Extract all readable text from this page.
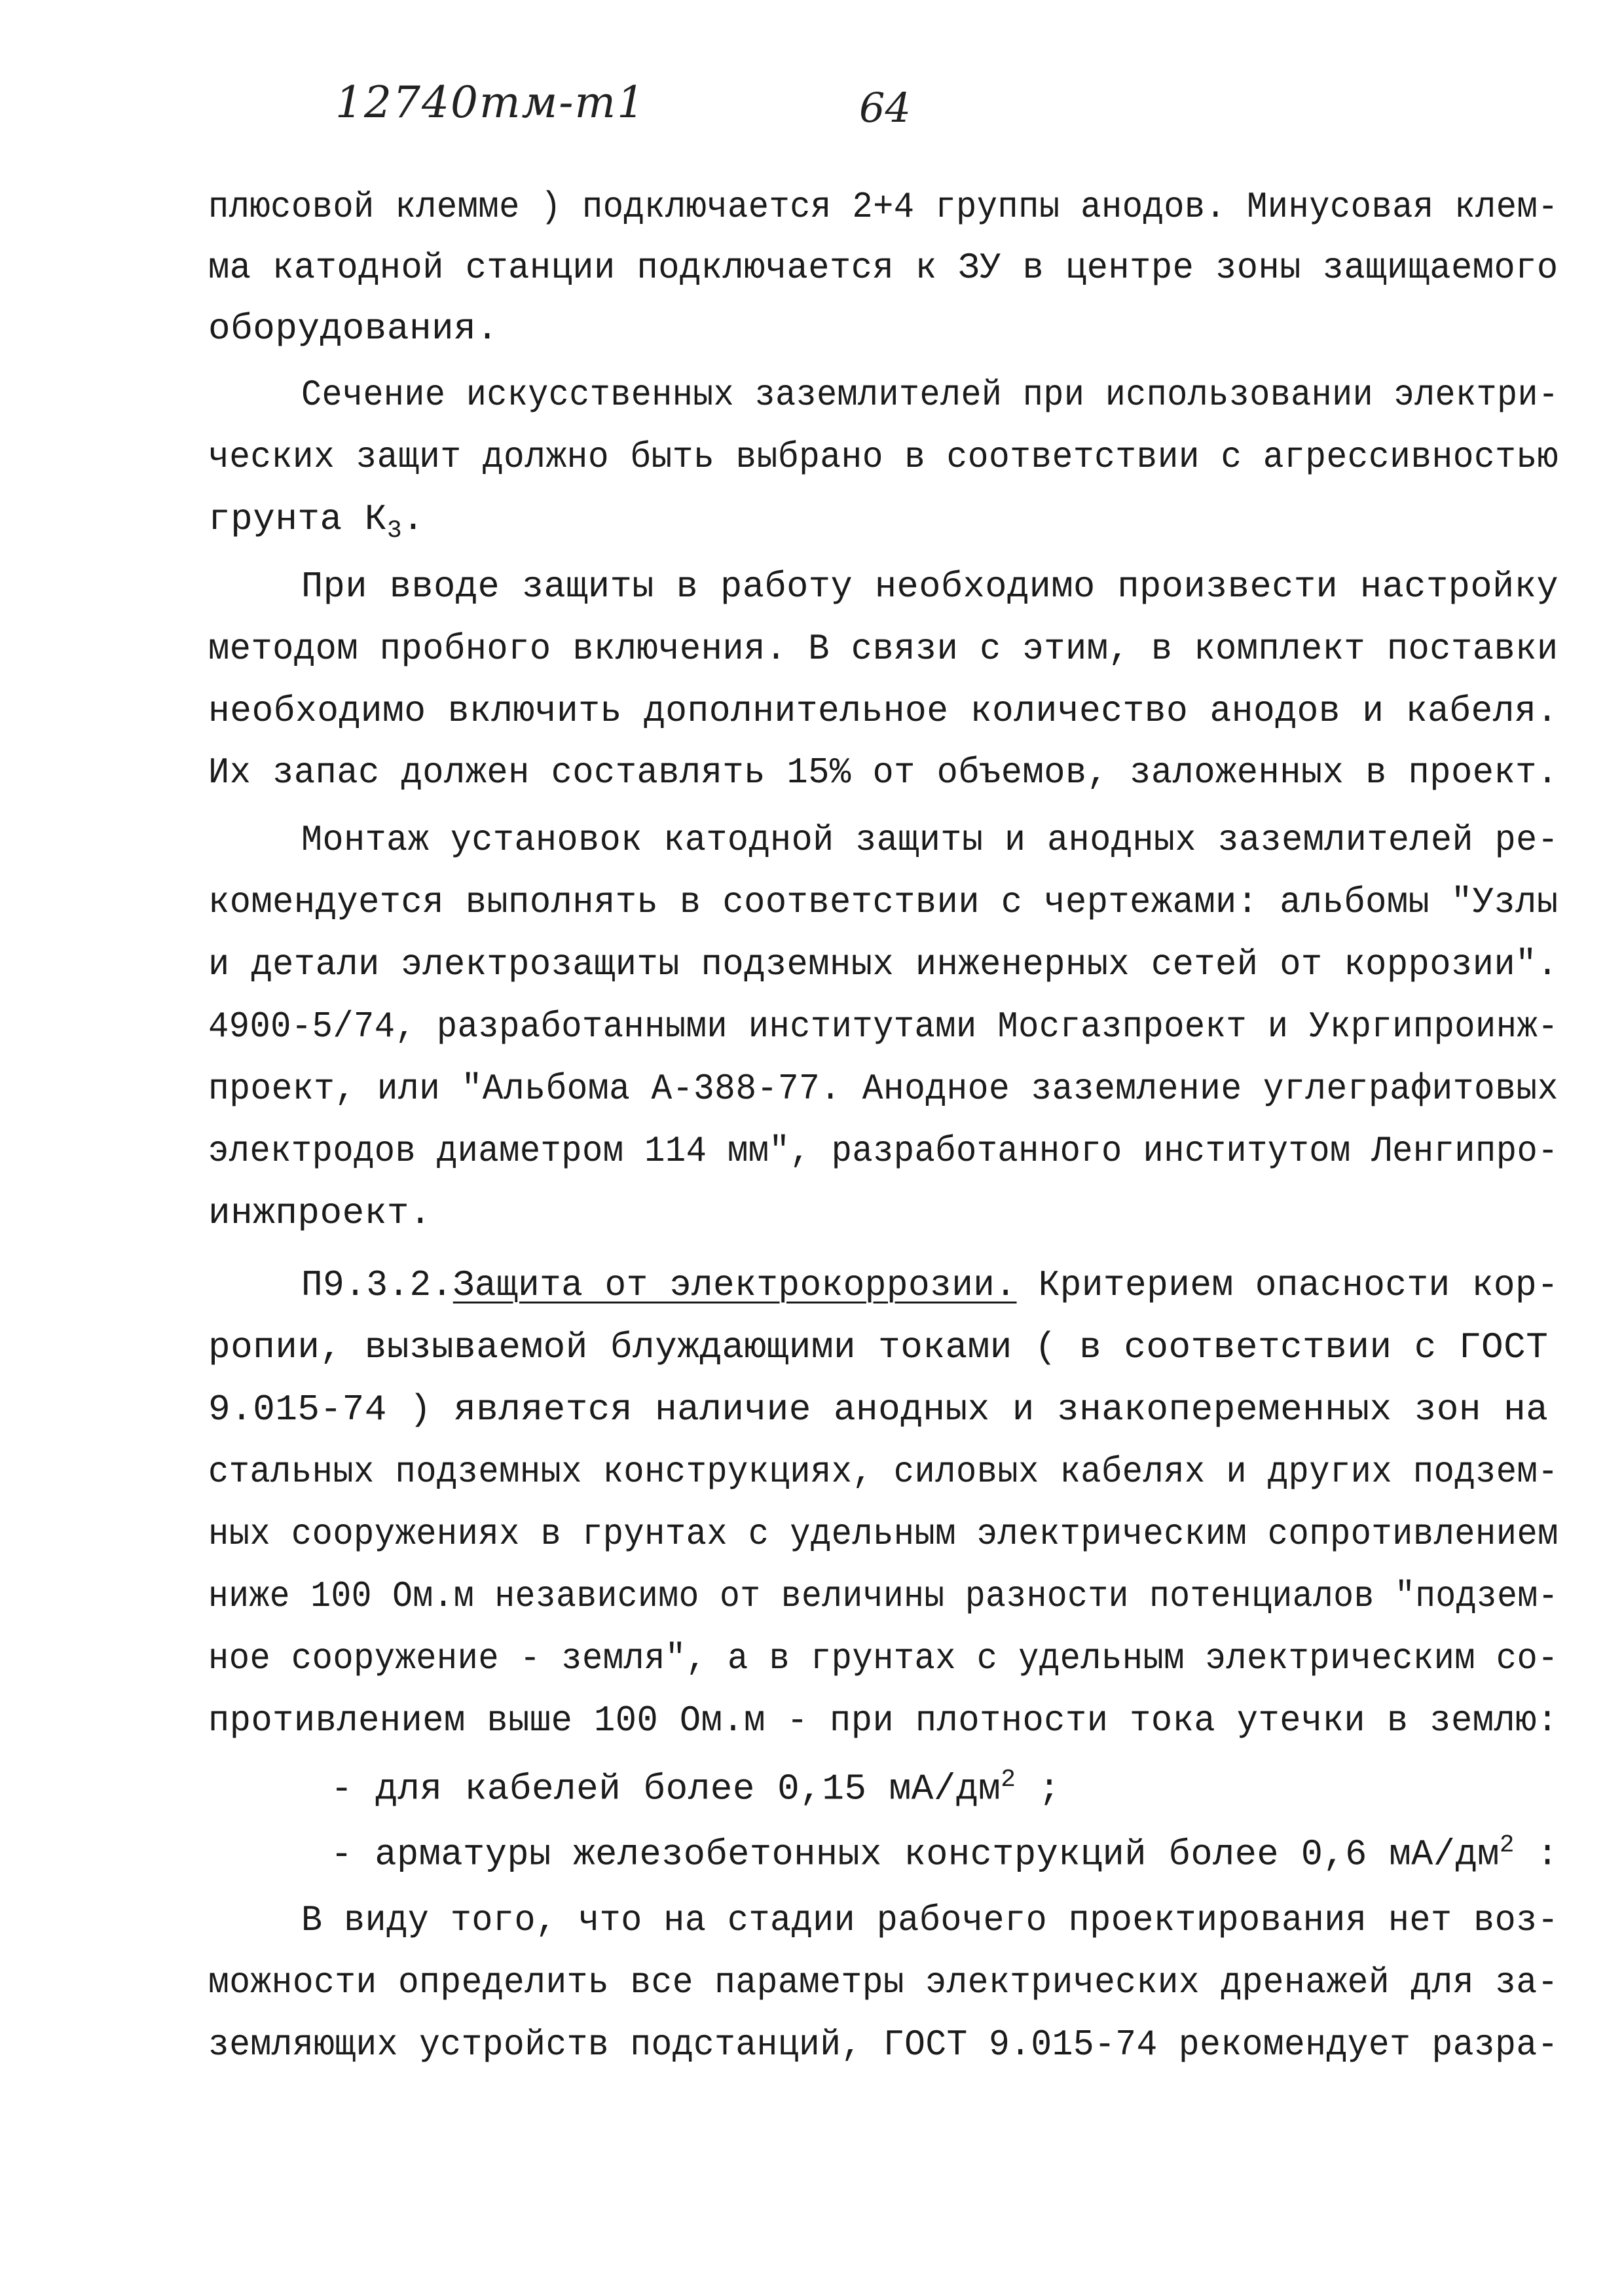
12740тм-т1	64

плюсовой клемме ) подключается 2+4 группы анодов. Минусовая клем-

ма катодной станции подключается к ЗУ в центре зоны защищаемого

оборудования.

Сечение искусственных заземлителей при использовании электри-

ческих защит должно быть выбрано в соответствии с агрессивностью

грунта $К_3$.

При вводе защиты в работу необходимо произвести настройку

методом пробного включения. В связи с этим, в комплект поставки

необходимо включить дополнительное количество анодов и кабеля.

Их запас должен составлять 15% от объемов, заложенных в проект.

Монтаж установок катодной защиты и анодных заземлителей ре-

комендуется выполнять в соответствии с чертежами: альбомы "Узлы

и детали электрозащиты подземных инженерных сетей от коррозии".

4900-5/74, разработанными институтами Мосгазпроект и Укргипроинж-

проект, или "Альбома А-388-77. Анодное заземление углеграфитовых

электродов диаметром 114 мм", разработанного институтом Ленгипро-

инжпроект.

П9.3.2.Защита от электрокоррозии. Критерием опасности кор-

ропии, вызываемой блуждающими токами ( в соответствии с ГОСТ

9.015-74 ) является наличие анодных и знакопеременных зон на

стальных подземных конструкциях, силовых кабелях и других подзем-

ных сооружениях в грунтах с удельным электрическим сопротивлением

ниже 100 Ом.м независимо от величины разности потенциалов "подзем-

ное сооружение - земля", а в грунтах с удельным электрическим со-

противлением выше 100 Ом.м - при плотности тока утечки в землю:

- для кабелей более 0,15 $мА/дм^2$ ;

- арматуры железобетонных конструкций более 0,6 $мА/дм^2$ :

В виду того, что на стадии рабочего проектирования нет воз-

можности определить все параметры электрических дренажей для за-

земляющих устройств подстанций, ГОСТ 9.015-74 рекомендует разра-
